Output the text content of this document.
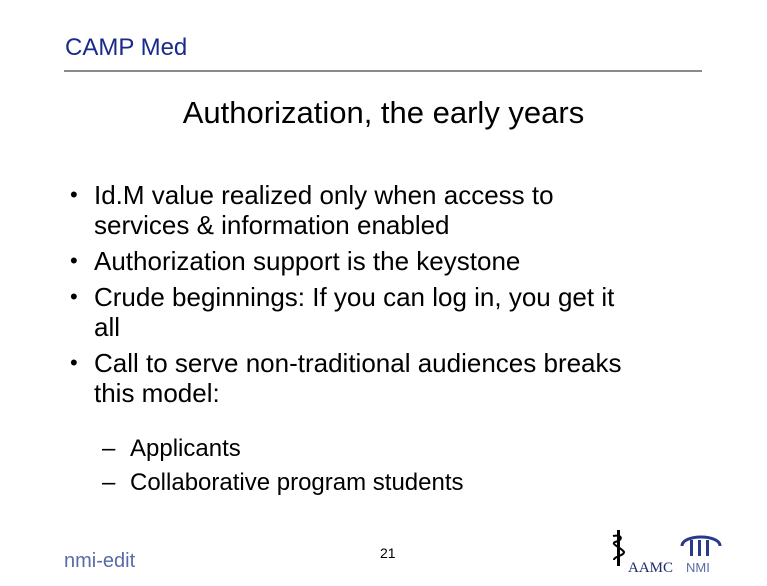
CAMP Med
Authorization, the early years
• Id.M value realized only when access to
services & information enabled
• Authorization support is the keystone
• Crude beginnings: If you can log in, you get it
all
• Call to serve non-traditional audiences breaks
this model:
– Applicants
– Collaborative program students
21
nmi-edit	AAMC NMI
